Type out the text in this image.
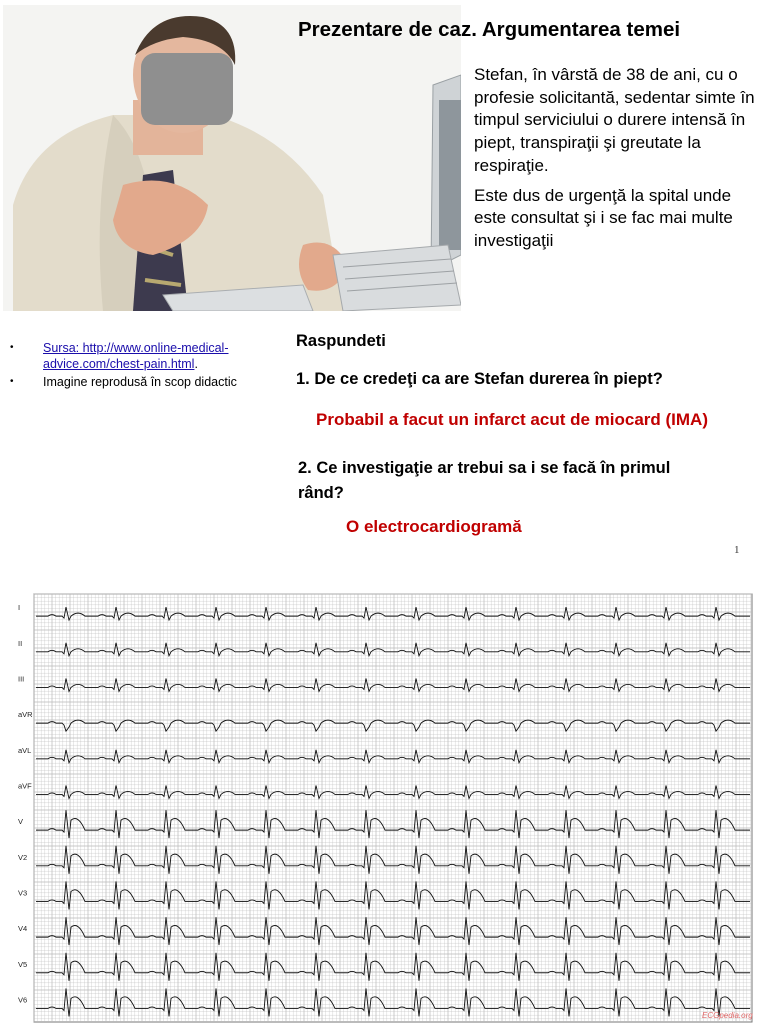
Prezentare de caz. Argumentarea temei

Stefan, în vârstă de 38 de ani, cu o profesie solicitantă, sedentar simte în timpul serviciului o durere intensă în piept, transpiraţii şi greutate la respiraţie.

Este dus de urgenţă la spital unde este consultat şi i se fac mai multe investigaţii

•	Sursa: http://www.online-medical-advice.com/chest-pain.html.
•	Imagine reprodusă în scop didactic
Raspundeti
1. De ce credeţi ca are Stefan durerea în piept?
Probabil a facut un infarct acut de miocard (IMA)
2. Ce investigaţie ar trebui sa i se facă în primul rând?
O electrocardiogramă
1
I
II
III
aVR
aVL
aVF
V
V2
V3
V4
V5
V6
ECGpedia.org
